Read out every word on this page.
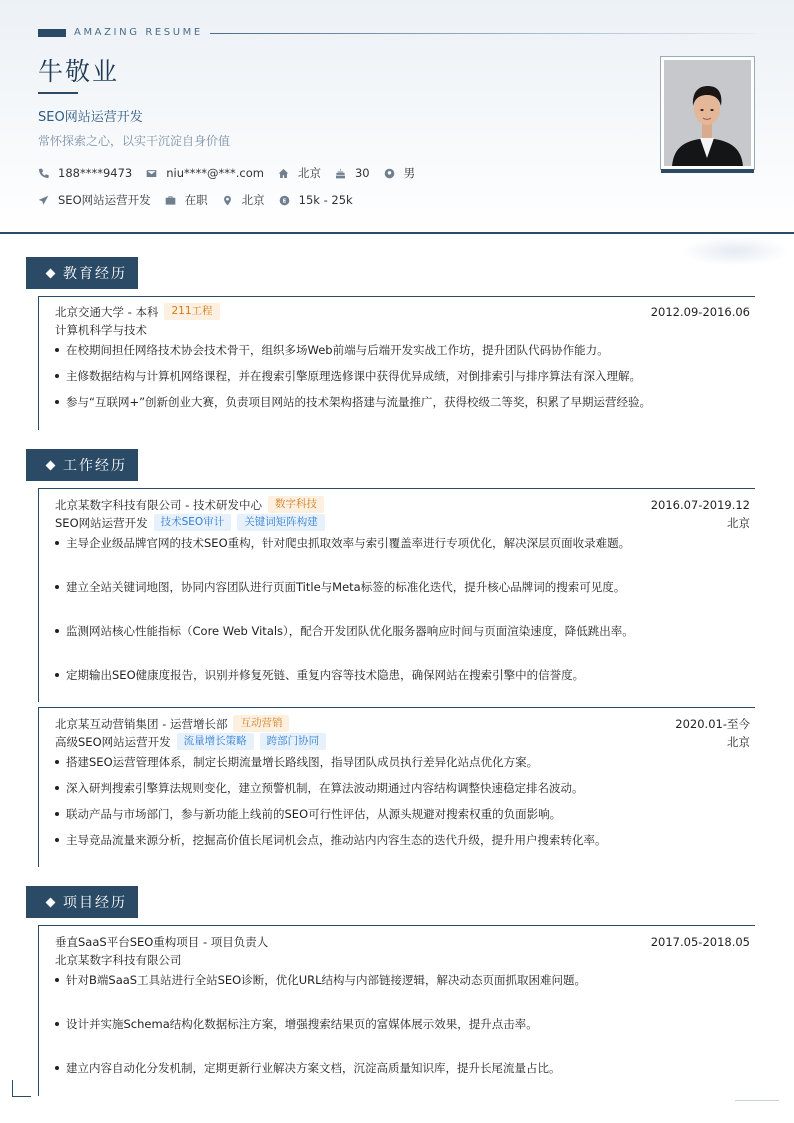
AMAZING RESUME
牛敬业
SEO网站运营开发
常怀探索之心，以实干沉淀自身价值
188****9473	niu****@***.com	北京	30	男
SEO网站运营开发	在职	北京	15k - 25k
教育经历
北京交通大学 - 本科	211工程	2012.09-2016.06
计算机科学与技术
在校期间担任网络技术协会技术骨干，组织多场Web前端与后端开发实战工作坊，提升团队代码协作能力。
主修数据结构与计算机网络课程，并在搜索引擎原理选修课中获得优异成绩，对倒排索引与排序算法有深入理解。
参与“互联网+”创新创业大赛，负责项目网站的技术架构搭建与流量推广，获得校级二等奖，积累了早期运营经验。
工作经历
北京某数字科技有限公司 - 技术研发中心	数字科技	2016.07-2019.12
SEO网站运营开发	技术SEO审计	关键词矩阵构建	北京
主导企业级品牌官网的技术SEO重构，针对爬虫抓取效率与索引覆盖率进行专项优化，解决深层页面收录难题。
建立全站关键词地图，协同内容团队进行页面Title与Meta标签的标准化迭代，提升核心品牌词的搜索可见度。
监测网站核心性能指标（Core Web Vitals），配合开发团队优化服务器响应时间与页面渲染速度，降低跳出率。
定期输出SEO健康度报告，识别并修复死链、重复内容等技术隐患，确保网站在搜索引擎中的信誉度。
北京某互动营销集团 - 运营增长部	互动营销	2020.01-至今
高级SEO网站运营开发	流量增长策略	跨部门协同	北京
搭建SEO运营管理体系，制定长期流量增长路线图，指导团队成员执行差异化站点优化方案。
深入研判搜索引擎算法规则变化，建立预警机制，在算法波动期通过内容结构调整快速稳定排名波动。
联动产品与市场部门，参与新功能上线前的SEO可行性评估，从源头规避对搜索权重的负面影响。
主导竞品流量来源分析，挖掘高价值长尾词机会点，推动站内内容生态的迭代升级，提升用户搜索转化率。
项目经历
垂直SaaS平台SEO重构项目 - 项目负责人	2017.05-2018.05
北京某数字科技有限公司
针对B端SaaS工具站进行全站SEO诊断，优化URL结构与内部链接逻辑，解决动态页面抓取困难问题。
设计并实施Schema结构化数据标注方案，增强搜索结果页的富媒体展示效果，提升点击率。
建立内容自动化分发机制，定期更新行业解决方案文档，沉淀高质量知识库，提升长尾流量占比。
